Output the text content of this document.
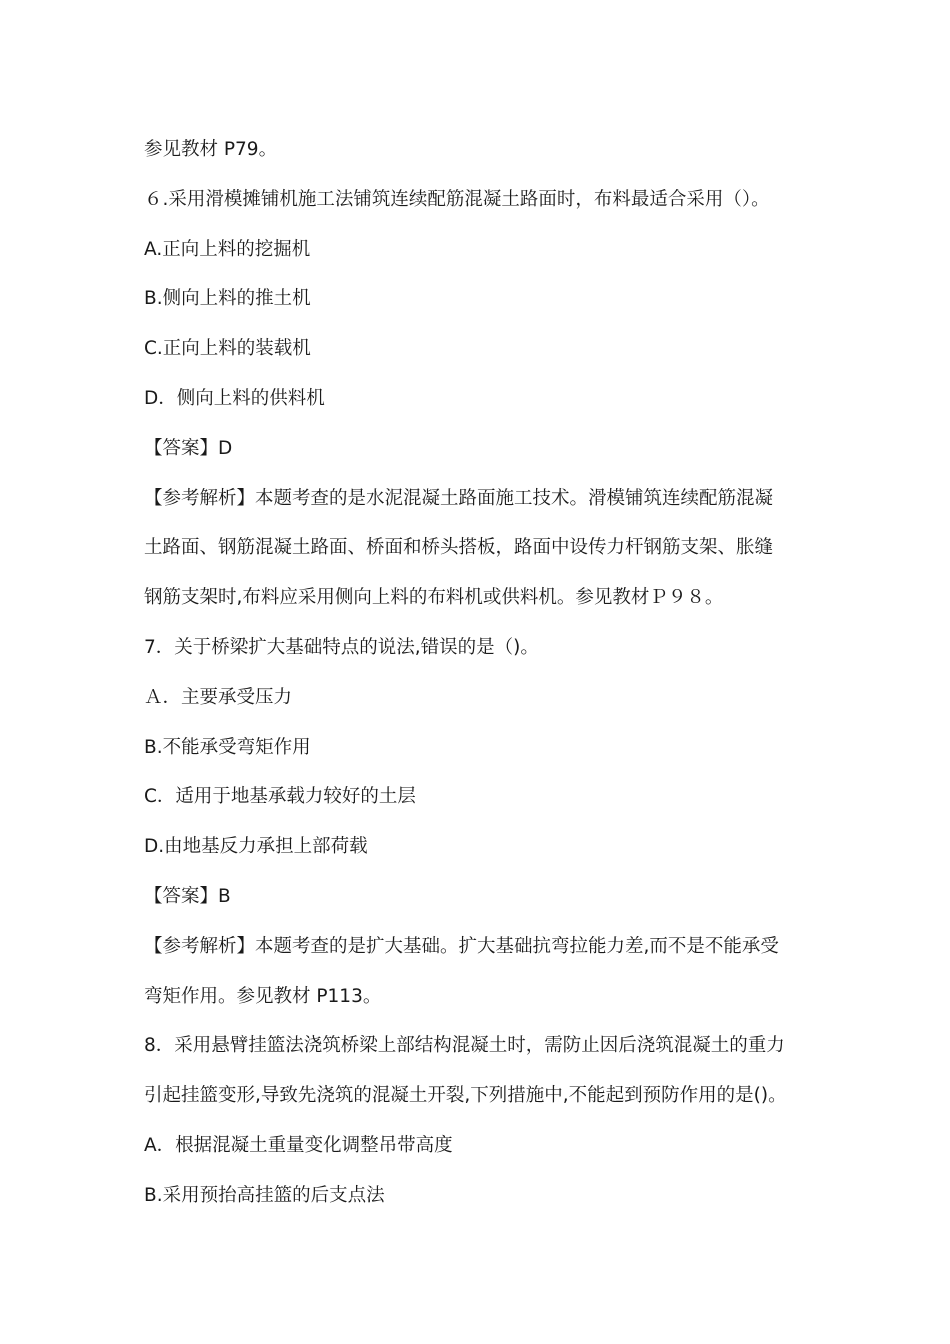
参见教材 P79。
６.采用滑模摊铺机施工法铺筑连续配筋混凝土路面时，布料最适合采用（）。
A.正向上料的挖掘机
B.侧向上料的推土机
C.正向上料的装载机
D．侧向上料的供料机
【答案】D
【参考解析】本题考查的是水泥混凝土路面施工技术。滑模铺筑连续配筋混凝
土路面、钢筋混凝土路面、桥面和桥头搭板，路面中设传力杆钢筋支架、胀缝
钢筋支架时,布料应采用侧向上料的布料机或供料机。参见教材Ｐ９８。
7．关于桥梁扩大基础特点的说法,错误的是（)。
Ａ．主要承受压力
B.不能承受弯矩作用
C．适用于地基承载力较好的土层
D.由地基反力承担上部荷载
【答案】B
【参考解析】本题考查的是扩大基础。扩大基础抗弯拉能力差,而不是不能承受
弯矩作用。参见教材 P113。
8．采用悬臂挂篮法浇筑桥梁上部结构混凝土时，需防止因后浇筑混凝土的重力
引起挂篮变形,导致先浇筑的混凝土开裂,下列措施中,不能起到预防作用的是()。
A．根据混凝土重量变化调整吊带高度
B.采用预抬高挂篮的后支点法
